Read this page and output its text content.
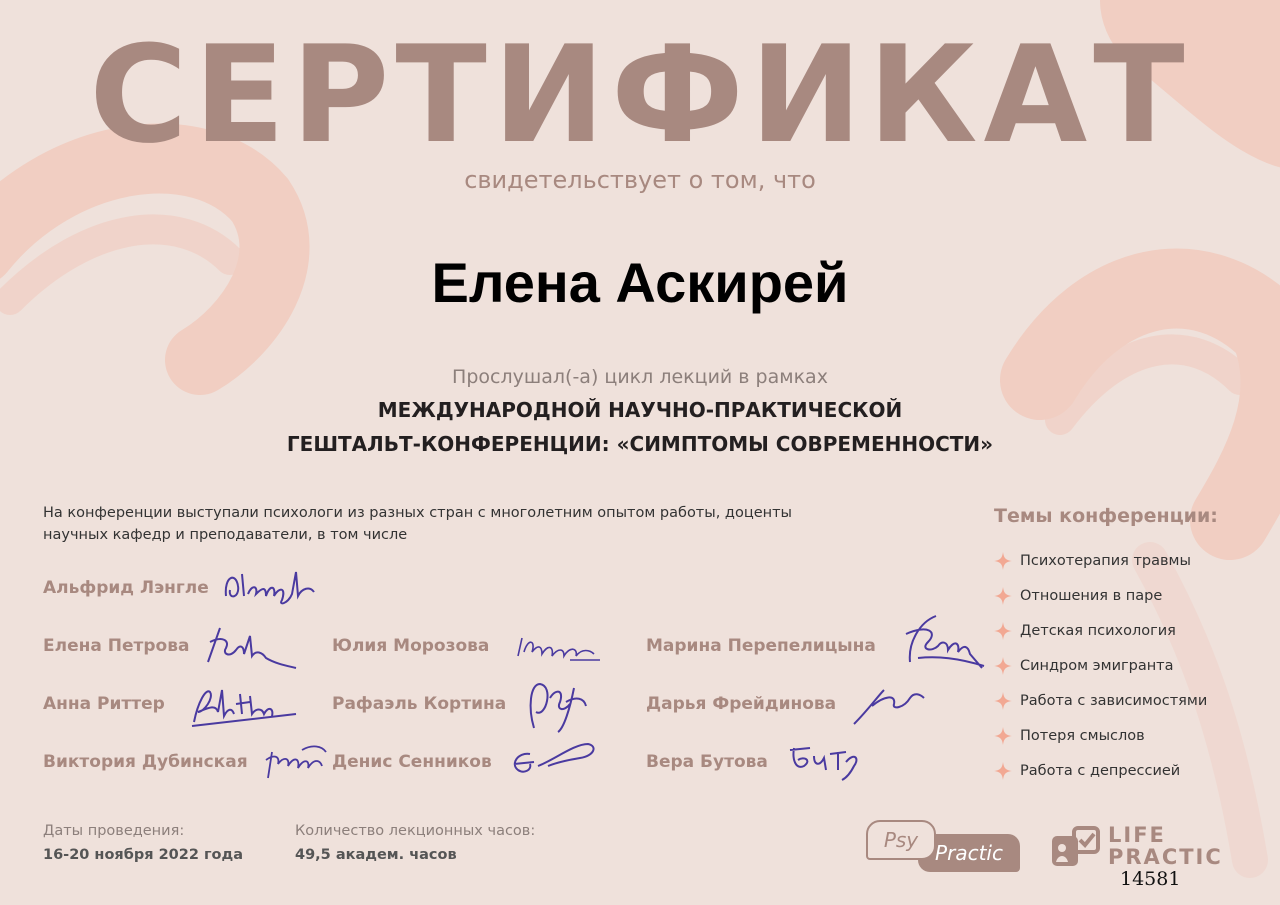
СЕРТИФИКАТ
свидетельствует о том, что
Елена Аскирей
Прослушал(-а) цикл лекций в рамках
МЕЖДУНАРОДНОЙ НАУЧНО-ПРАКТИЧЕСКОЙ
ГЕШТАЛЬТ-КОНФЕРЕНЦИИ: «СИМПТОМЫ СОВРЕМЕННОСТИ»
На конференции выступали психологи из разных стран с многолетним опытом работы, доценты
научных кафедр и преподаватели, в том числе
Альфрид Лэнгле
Елена Петрова	Юлия Морозова	Марина Перепелицына
Анна Риттер	Рафаэль Кортина	Дарья Фрейдинова
Виктория Дубинская	Денис Сенников	Вера Бутова
Темы конференции:
Психотерапия травмы
Отношения в паре
Детская психология
Синдром эмигранта
Работа с зависимостями
Потеря смыслов
Работа с депрессией
Даты проведения:
16-20 ноября 2022 года
Количество лекционных часов:
49,5 академ. часов
Psy
Practic
LIFE
PRACTIC
14581
